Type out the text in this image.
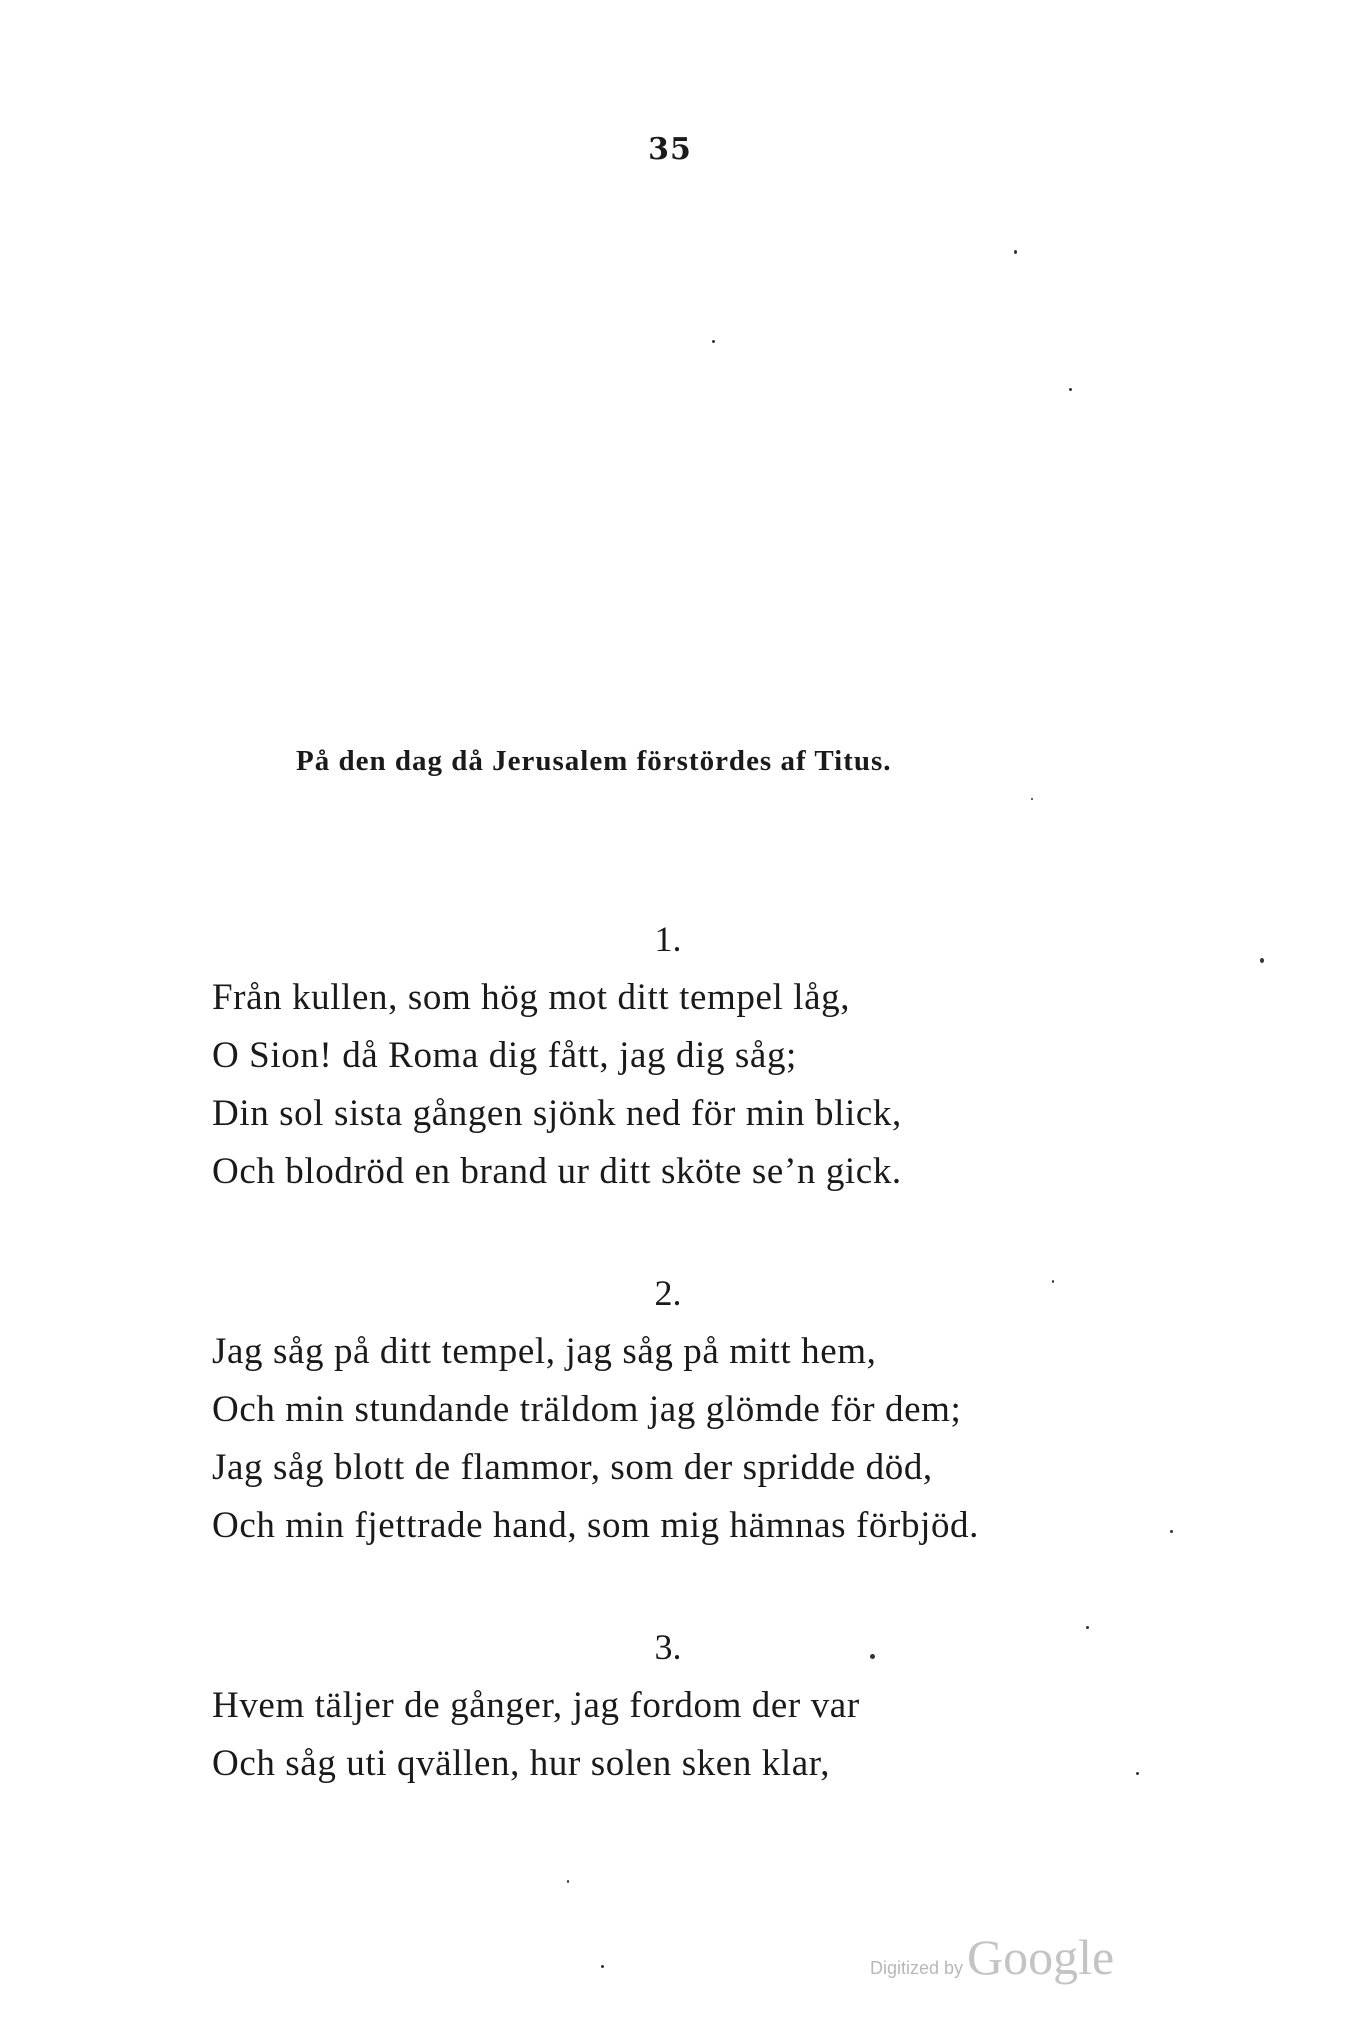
35
På den dag då Jerusalem förstördes af Titus.
1.
Från kullen, som hög mot ditt tempel låg,
O Sion! då Roma dig fått, jag dig såg;
Din sol sista gången sjönk ned för min blick,
Och blodröd en brand ur ditt sköte se’n gick.
2.
Jag såg på ditt tempel, jag såg på mitt hem,
Och min stundande träldom jag glömde för dem;
Jag såg blott de flammor, som der spridde död,
Och min fjettrade hand, som mig hämnas förbjöd.
3.
Hvem täljer de gånger, jag fordom der var
Och såg uti qvällen, hur solen sken klar,
Digitized byGoogle
